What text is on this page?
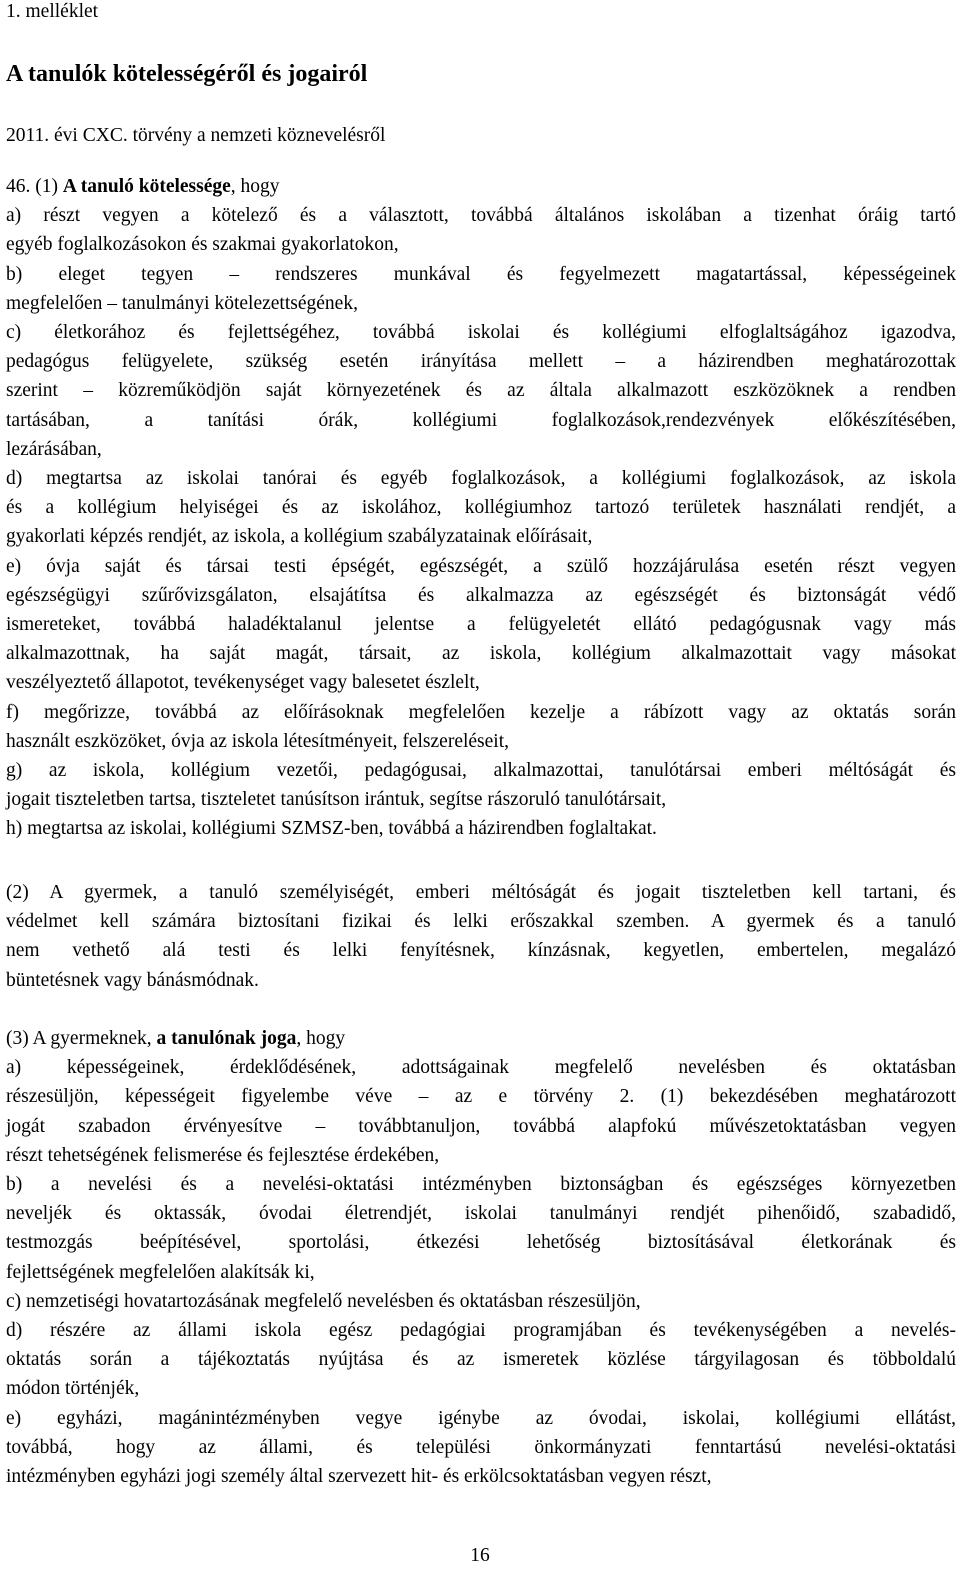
1. melléklet
A tanulók kötelességéről és jogairól
2011. évi CXC. törvény a nemzeti köznevelésről
46. (1) A tanuló kötelessége, hogy
a) részt vegyen a kötelező és a választott, továbbá általános iskolában a tizenhat óráig tartó
egyéb foglalkozásokon és szakmai gyakorlatokon,
b) eleget tegyen – rendszeres munkával és fegyelmezett magatartással, képességeinek
megfelelően – tanulmányi kötelezettségének,
c) életkorához és fejlettségéhez, továbbá iskolai és kollégiumi elfoglaltságához igazodva,
pedagógus felügyelete, szükség esetén irányítása mellett – a házirendben meghatározottak
szerint – közreműködjön saját környezetének és az általa alkalmazott eszközöknek a rendben
tartásában, a tanítási órák, kollégiumi foglalkozások,rendezvények előkészítésében,
lezárásában,
d) megtartsa az iskolai tanórai és egyéb foglalkozások, a kollégiumi foglalkozások, az iskola
és a kollégium helyiségei és az iskolához, kollégiumhoz tartozó területek használati rendjét, a
gyakorlati képzés rendjét, az iskola, a kollégium szabályzatainak előírásait,
e) óvja saját és társai testi épségét, egészségét, a szülő hozzájárulása esetén részt vegyen
egészségügyi szűrővizsgálaton, elsajátítsa és alkalmazza az egészségét és biztonságát védő
ismereteket, továbbá haladéktalanul jelentse a felügyeletét ellátó pedagógusnak vagy más
alkalmazottnak, ha saját magát, társait, az iskola, kollégium alkalmazottait vagy másokat
veszélyeztető állapotot, tevékenységet vagy balesetet észlelt,
f) megőrizze, továbbá az előírásoknak megfelelően kezelje a rábízott vagy az oktatás során
használt eszközöket, óvja az iskola létesítményeit, felszereléseit,
g) az iskola, kollégium vezetői, pedagógusai, alkalmazottai, tanulótársai emberi méltóságát és
jogait tiszteletben tartsa, tiszteletet tanúsítson irántuk, segítse rászoruló tanulótársait,
h) megtartsa az iskolai, kollégiumi SZMSZ-ben, továbbá a házirendben foglaltakat.
(2) A gyermek, a tanuló személyiségét, emberi méltóságát és jogait tiszteletben kell tartani, és
védelmet kell számára biztosítani fizikai és lelki erőszakkal szemben. A gyermek és a tanuló
nem vethető alá testi és lelki fenyítésnek, kínzásnak, kegyetlen, embertelen, megalázó
büntetésnek vagy bánásmódnak.
(3) A gyermeknek, a tanulónak joga, hogy
a) képességeinek, érdeklődésének, adottságainak megfelelő nevelésben és oktatásban
részesüljön, képességeit figyelembe véve – az e törvény 2. (1) bekezdésében meghatározott
jogát szabadon érvényesítve – továbbtanuljon, továbbá alapfokú művészetoktatásban vegyen
részt tehetségének felismerése és fejlesztése érdekében,
b) a nevelési és a nevelési-oktatási intézményben biztonságban és egészséges környezetben
neveljék és oktassák, óvodai életrendjét, iskolai tanulmányi rendjét pihenőidő, szabadidő,
testmozgás beépítésével, sportolási, étkezési lehetőség biztosításával életkorának és
fejlettségének megfelelően alakítsák ki,
c) nemzetiségi hovatartozásának megfelelő nevelésben és oktatásban részesüljön,
d) részére az állami iskola egész pedagógiai programjában és tevékenységében a nevelés-
oktatás során a tájékoztatás nyújtása és az ismeretek közlése tárgyilagosan és többoldalú
módon történjék,
e) egyházi, magánintézményben vegye igénybe az óvodai, iskolai, kollégiumi ellátást,
továbbá, hogy az állami, és települési önkormányzati fenntartású nevelési-oktatási
intézményben egyházi jogi személy által szervezett hit- és erkölcsoktatásban vegyen részt,
16
